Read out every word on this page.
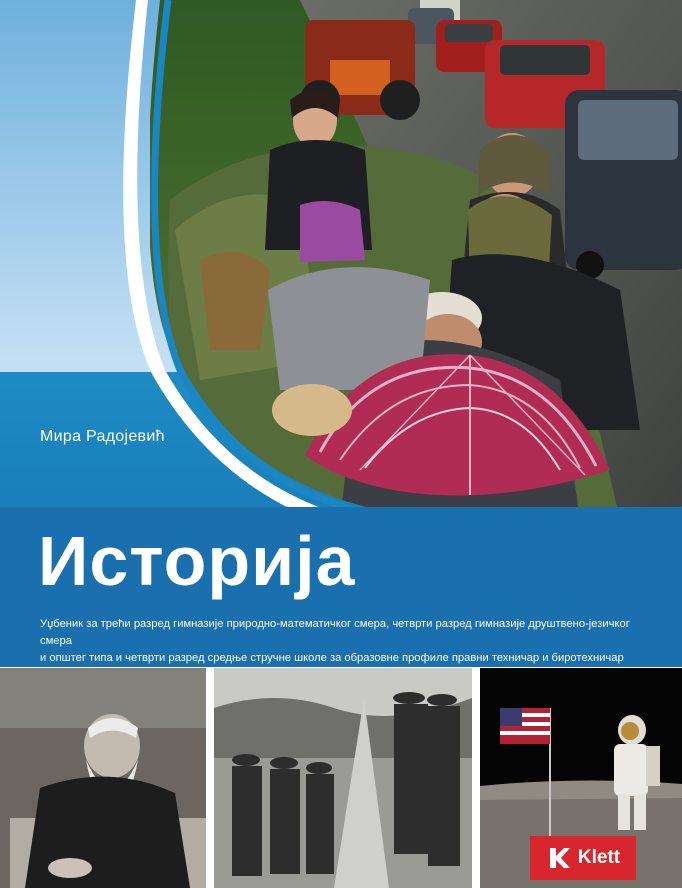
Мира Радојевић
Историја
Уџбеник за трећи разред гимназије природно-математичког смера, четврти разред гимназије друштвено-језичког смера
и општег типа и четврти разред средње стручне школе за образовне профиле правни техничар и биротехничар
Klett
